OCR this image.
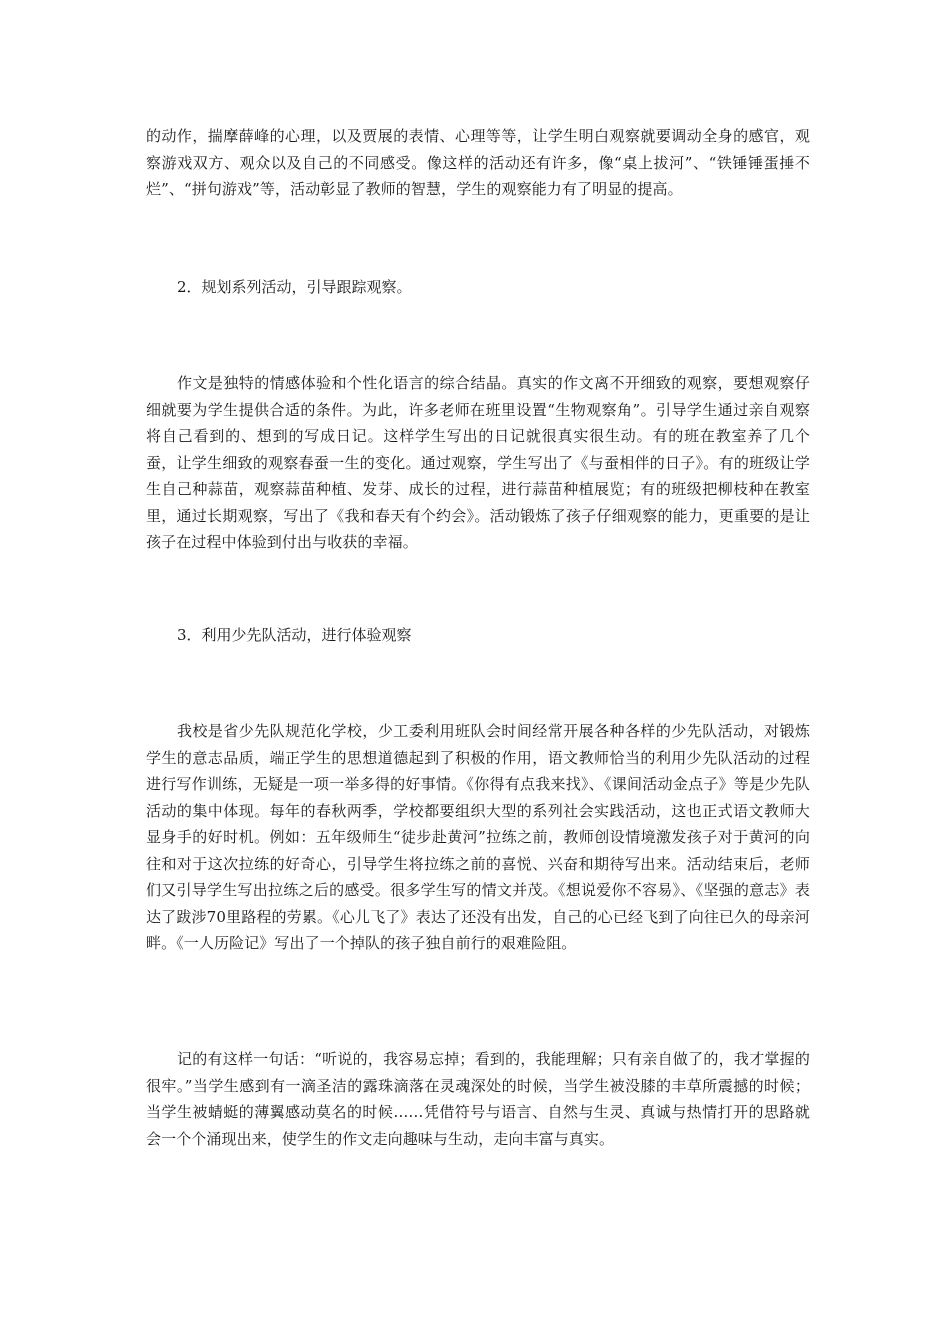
的动作，揣摩薛峰的心理，以及贾展的表情、心理等等，让学生明白观察就要调动全身的感官，观察游戏双方、观众以及自己的不同感受。像这样的活动还有许多，像“桌上拔河”、“铁锤锤蛋捶不烂”、“拼句游戏”等，活动彰显了教师的智慧，学生的观察能力有了明显的提高。

2．规划系列活动，引导跟踪观察。

作文是独特的情感体验和个性化语言的综合结晶。真实的作文离不开细致的观察，要想观察仔细就要为学生提供合适的条件。为此，许多老师在班里设置“生物观察角”。引导学生通过亲自观察将自己看到的、想到的写成日记。这样学生写出的日记就很真实很生动。有的班在教室养了几个蚕，让学生细致的观察春蚕一生的变化。通过观察，学生写出了《与蚕相伴的日子》。有的班级让学生自己种蒜苗，观察蒜苗种植、发芽、成长的过程，进行蒜苗种植展览；有的班级把柳枝种在教室里，通过长期观察，写出了《我和春天有个约会》。活动锻炼了孩子仔细观察的能力，更重要的是让孩子在过程中体验到付出与收获的幸福。

3．利用少先队活动，进行体验观察

我校是省少先队规范化学校，少工委利用班队会时间经常开展各种各样的少先队活动，对锻炼学生的意志品质，端正学生的思想道德起到了积极的作用，语文教师恰当的利用少先队活动的过程进行写作训练，无疑是一项一举多得的好事情。《你得有点我来找》、《课间活动金点子》等是少先队活动的集中体现。每年的春秋两季，学校都要组织大型的系列社会实践活动，这也正式语文教师大显身手的好时机。例如：五年级师生“徒步赴黄河”拉练之前，教师创设情境激发孩子对于黄河的向往和对于这次拉练的好奇心，引导学生将拉练之前的喜悦、兴奋和期待写出来。活动结束后，老师们又引导学生写出拉练之后的感受。很多学生写的情文并茂。《想说爱你不容易》、《坚强的意志》表达了跋涉70里路程的劳累。《心儿飞了》表达了还没有出发，自己的心已经飞到了向往已久的母亲河畔。《一人历险记》写出了一个掉队的孩子独自前行的艰难险阻。

记的有这样一句话：“听说的，我容易忘掉；看到的，我能理解；只有亲自做了的，我才掌握的很牢。”当学生感到有一滴圣洁的露珠滴落在灵魂深处的时候，当学生被没膝的丰草所震撼的时候；当学生被蜻蜓的薄翼感动莫名的时候……凭借符号与语言、自然与生灵、真诚与热情打开的思路就会一个个涌现出来，使学生的作文走向趣味与生动，走向丰富与真实。
